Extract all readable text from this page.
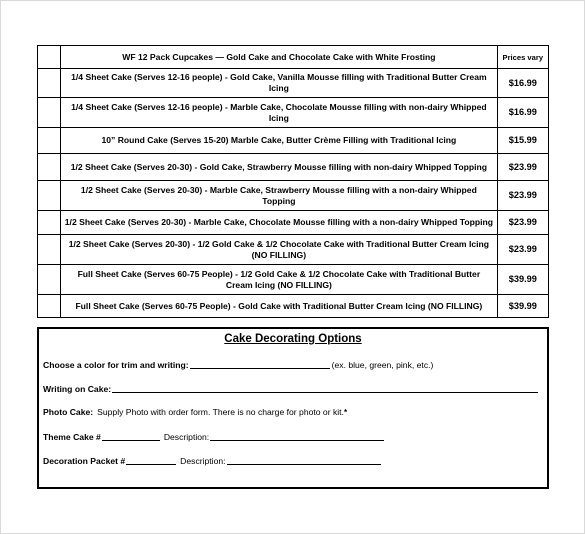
	WF 12 Pack Cupcakes — Gold Cake and Chocolate Cake with White Frosting	Prices vary
	1/4 Sheet Cake (Serves 12-16 people) - Gold Cake, Vanilla Mousse filling with Traditional Butter Cream Icing	$16.99
	1/4 Sheet Cake (Serves 12-16 people) - Marble Cake, Chocolate Mousse filling with non-dairy Whipped Icing	$16.99
	10” Round Cake (Serves 15-20) Marble Cake, Butter Crème Filling with Traditional Icing	$15.99
	1/2 Sheet Cake (Serves 20-30) - Gold Cake, Strawberry Mousse filling with non-dairy Whipped Topping	$23.99
	1/2 Sheet Cake (Serves 20-30) - Marble Cake, Strawberry Mousse filling with a non-dairy Whipped Topping	$23.99
	1/2 Sheet Cake (Serves 20-30) - Marble Cake, Chocolate Mousse filling with a non-dairy Whipped Topping	$23.99
	1/2 Sheet Cake (Serves 20-30) - 1/2 Gold Cake & 1/2 Chocolate Cake with Traditional Butter Cream Icing (NO FILLING)	$23.99
	Full Sheet Cake (Serves 60-75 People) - 1/2 Gold Cake & 1/2 Chocolate Cake with Traditional Butter Cream Icing (NO FILLING)	$39.99
	Full Sheet Cake (Serves 60-75 People) - Gold Cake with Traditional Butter Cream Icing (NO FILLING)	$39.99
Cake Decorating Options
Choose a color for trim and writing:	(ex. blue, green, pink, etc.)
Writing on Cake:
Photo Cake: Supply Photo with order form. There is no charge for photo or kit. *
Theme Cake #	Description:
Decoration Packet #	Description:
